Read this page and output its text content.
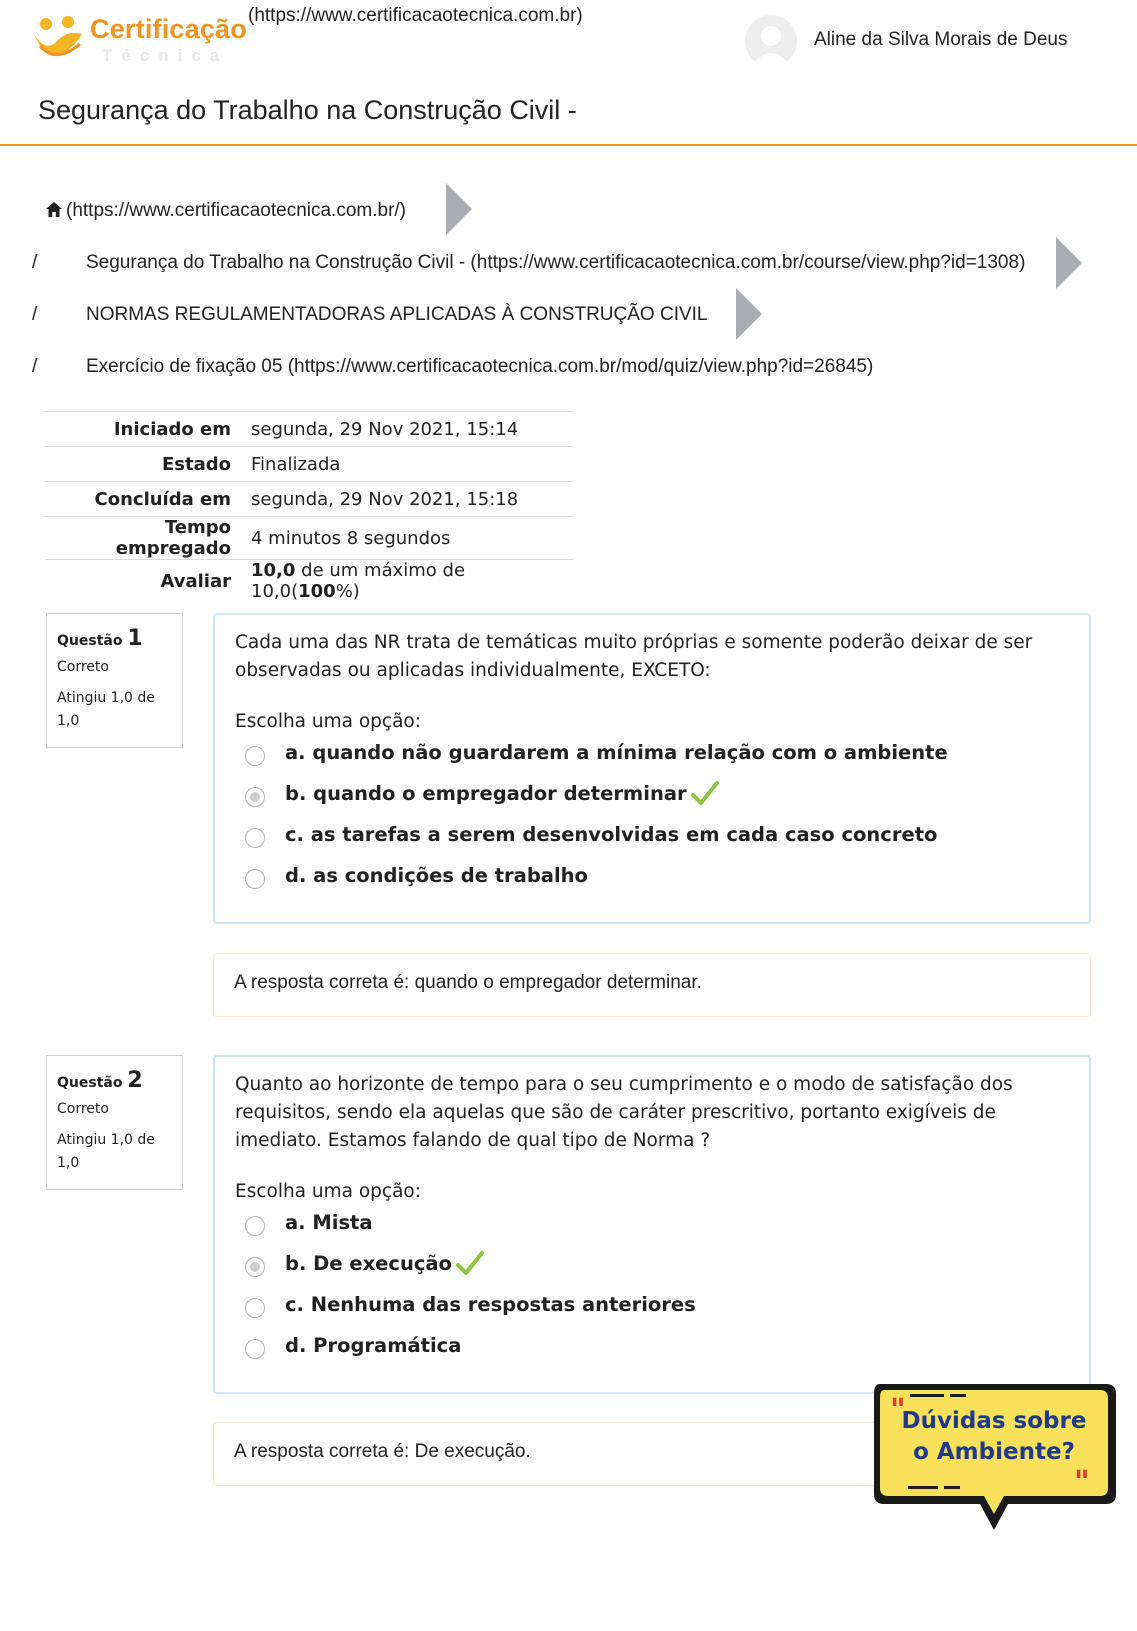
Certificação
Técnica
(https://www.certificacaotecnica.com.br)
Aline da Silva Morais de Deus
Segurança do Trabalho na Construção Civil -
(https://www.certificacaotecnica.com.br/)
/	Segurança do Trabalho na Construção Civil - (https://www.certificacaotecnica.com.br/course/view.php?id=1308)
/	NORMAS REGULAMENTADORAS APLICADAS À CONSTRUÇÃO CIVIL
/	Exercício de fixação 05 (https://www.certificacaotecnica.com.br/mod/quiz/view.php?id=26845)
Iniciado em	segunda, 29 Nov 2021, 15:14
Estado	Finalizada
Concluída em	segunda, 29 Nov 2021, 15:18
Tempo empregado	4 minutos 8 segundos
Avaliar	10,0 de um máximo de 10,0(100%)
Questão 1
Correto
Atingiu 1,0 de 1,0
Cada uma das NR trata de temáticas muito próprias e somente poderão deixar de ser observadas ou aplicadas individualmente, EXCETO:
Escolha uma opção:
a. quando não guardarem a mínima relação com o ambiente
b. quando o empregador determinar
c. as tarefas a serem desenvolvidas em cada caso concreto
d. as condições de trabalho
A resposta correta é: quando o empregador determinar.
Questão 2
Correto
Atingiu 1,0 de 1,0
Quanto ao horizonte de tempo para o seu cumprimento e o modo de satisfação dos requisitos, sendo ela aquelas que são de caráter prescritivo, portanto exigíveis de imediato. Estamos falando de qual tipo de Norma ?
Escolha uma opção:
a. Mista
b. De execução
c. Nenhuma das respostas anteriores
d. Programática
A resposta correta é: De execução.
"
"
Dúvidas sobre
o Ambiente?
